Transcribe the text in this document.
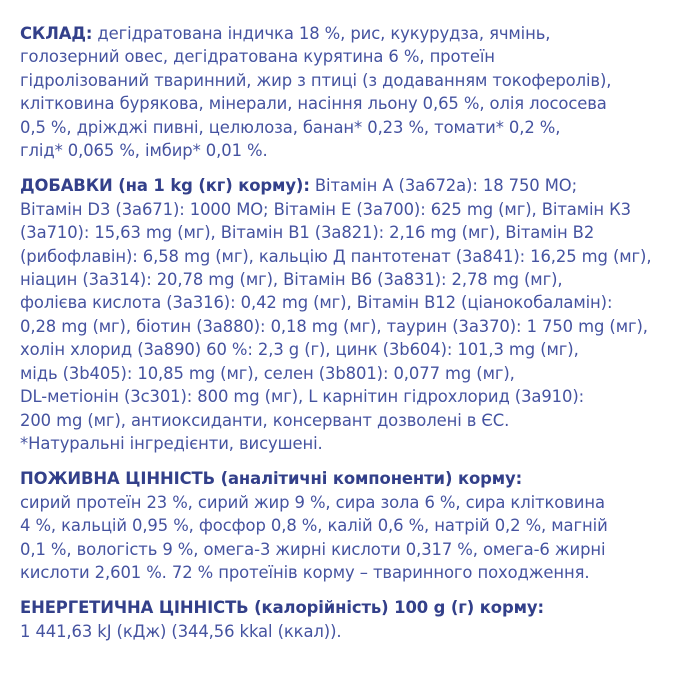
СКЛАД: дегідратована індичка 18 %, рис, кукурудза, ячмінь,
голозерний овес, дегідратована курятина 6 %, протеїн
гідролізований тваринний, жир з птиці (з додаванням токоферолів),
клітковина бурякова, мінерали, насіння льону 0,65 %, олія лососева
0,5 %, дріжджі пивні, целюлоза, банан* 0,23 %, томати* 0,2 %,
глід* 0,065 %, імбир* 0,01 %.
ДОБАВКИ (на 1 kg (кг) корму): Вітамін А (3а672а): 18 750 МО;
Вітамін D3 (3а671): 1000 МО; Вітамін Е (3а700): 625 mg (мг), Вітамін К3
(3а710): 15,63 mg (мг), Вітамін В1 (3а821): 2,16 mg (мг), Вітамін В2
(рибофлавін): 6,58 mg (мг), кальцію Д пантотенат (3а841): 16,25 mg (мг),
ніацин (3а314): 20,78 mg (мг), Вітамін В6 (3а831): 2,78 mg (мг),
фолієва кислота (3а316): 0,42 mg (мг), Вітамін В12 (ціанокобаламін):
0,28 mg (мг), біотин (3а880): 0,18 mg (мг), таурин (3а370): 1 750 mg (мг),
холін хлорид (3а890) 60 %: 2,3 g (г), цинк (3b604): 101,3 mg (мг),
мідь (3b405): 10,85 mg (мг), селен (3b801): 0,077 mg (мг),
DL-метіонін (3с301): 800 mg (мг), L карнітин гідрохлорид (3а910):
200 mg (мг), антиоксиданти, консервант дозволені в ЄС.
*Натуральні інгредієнти, висушені.
ПОЖИВНА ЦІННІСТЬ (аналітичні компоненти) корму:
сирий протеїн 23 %, сирий жир 9 %, сира зола 6 %, сира клітковина
4 %, кальцій 0,95 %, фосфор 0,8 %, калій 0,6 %, натрій 0,2 %, магній
0,1 %, вологість 9 %, омега-3 жирні кислоти 0,317 %, омега-6 жирні
кислоти 2,601 %. 72 % протеїнів корму – тваринного походження.
ЕНЕРГЕТИЧНА ЦІННІСТЬ (калорійність) 100 g (г) корму:
1 441,63 kJ (кДж) (344,56 kkal (ккал)).
